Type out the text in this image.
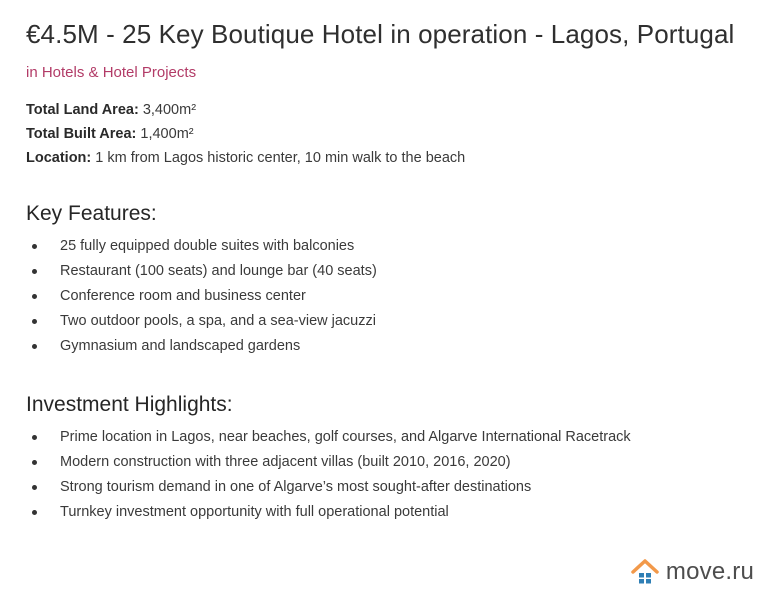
€4.5M - 25 Key Boutique Hotel in operation - Lagos, Portugal
in Hotels & Hotel Projects
Total Land Area: 3,400m²
Total Built Area: 1,400m²
Location: 1 km from Lagos historic center, 10 min walk to the beach
Key Features:
25 fully equipped double suites with balconies
Restaurant (100 seats) and lounge bar (40 seats)
Conference room and business center
Two outdoor pools, a spa, and a sea-view jacuzzi
Gymnasium and landscaped gardens
Investment Highlights:
Prime location in Lagos, near beaches, golf courses, and Algarve International Racetrack
Modern construction with three adjacent villas (built 2010, 2016, 2020)
Strong tourism demand in one of Algarve’s most sought-after destinations
Turnkey investment opportunity with full operational potential
move.ru
